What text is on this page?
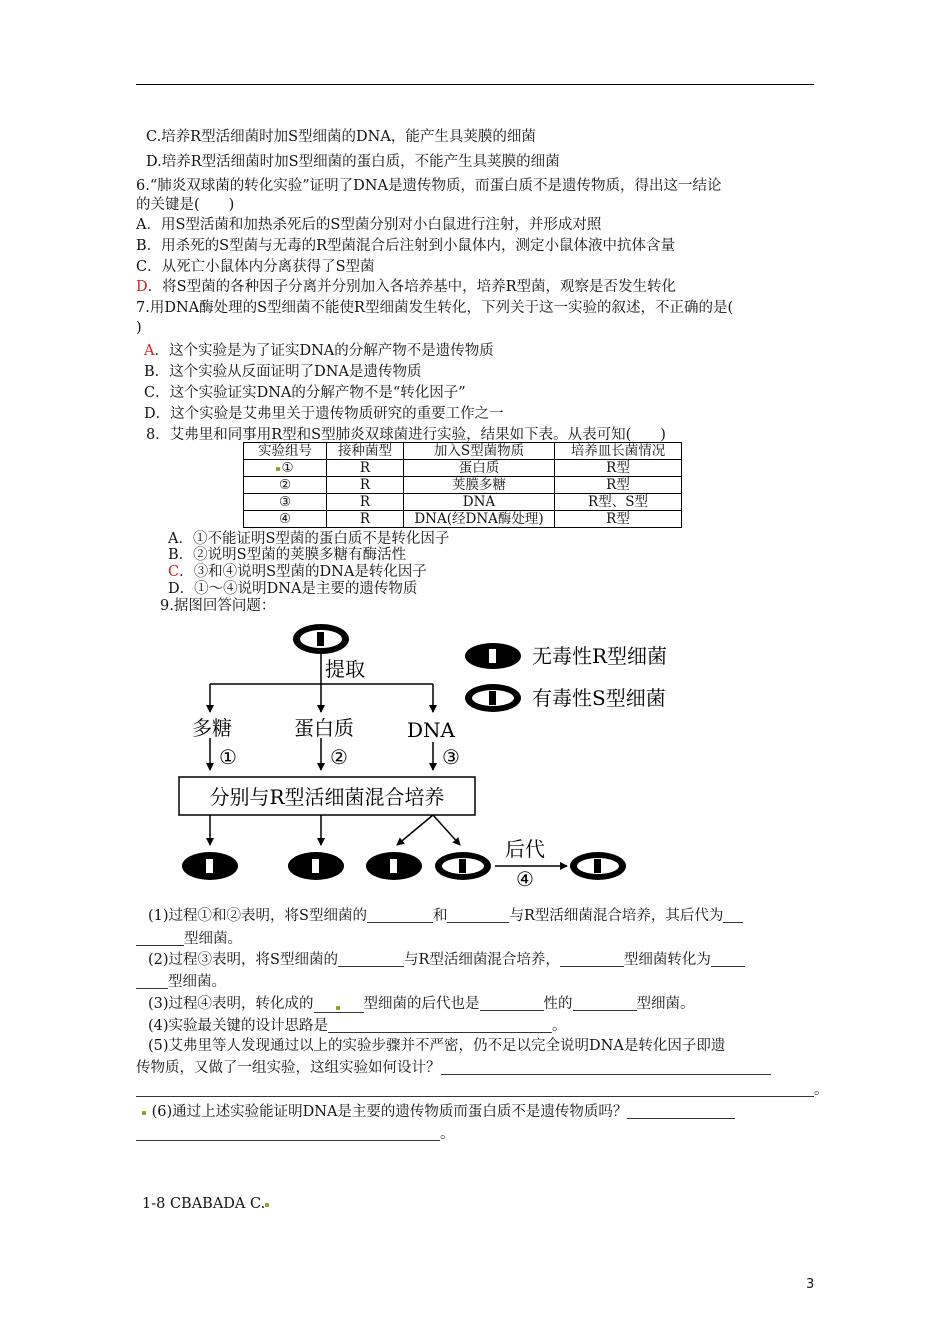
C.培养R型活细菌时加S型细菌的DNA，能产生具荚膜的细菌
D.培养R型活细菌时加S型细菌的蛋白质，不能产生具荚膜的细菌
6.“肺炎双球菌的转化实验”证明了DNA是遗传物质，而蛋白质不是遗传物质，得出这一结论
的关键是(　　)
A．用S型活菌和加热杀死后的S型菌分别对小白鼠进行注射，并形成对照
B．用杀死的S型菌与无毒的R型菌混合后注射到小鼠体内，测定小鼠体液中抗体含量
C．从死亡小鼠体内分离获得了S型菌
D．将S型菌的各种因子分离并分别加入各培养基中，培养R型菌，观察是否发生转化
7.用DNA酶处理的S型细菌不能使R型细菌发生转化，下列关于这一实验的叙述，不正确的是(
)
A．这个实验是为了证实DNA的分解产物不是遗传物质
B．这个实验从反面证明了DNA是遗传物质
C．这个实验证实DNA的分解产物不是“转化因子”
D．这个实验是艾弗里关于遗传物质研究的重要工作之一
8．艾弗里和同事用R型和S型肺炎双球菌进行实验，结果如下表。从表可知(　　)
实验组号	接种菌型	加入S型菌物质	培养皿长菌情况
①	R	蛋白质	R型
②	R	荚膜多糖	R型
③	R	DNA	R型、S型
④	R	DNA(经DNA酶处理)	R型
A．①不能证明S型菌的蛋白质不是转化因子
B．②说明S型菌的荚膜多糖有酶活性
C．③和④说明S型菌的DNA是转化因子
D．①～④说明DNA是主要的遗传物质
9.据图回答问题：
提取
无毒性R型细菌
有毒性S型细菌
多糖	蛋白质	DNA
①	②	③
分别与R型活细菌混合培养
后代
④
(1)过程①和②表明，将S型细菌的	和	与R型活细菌混合培养，其后代为
型细菌。
(2)过程③表明，将S型细菌的	与R型活细菌混合培养，	型细菌转化为
型细菌。
(3)过程④表明，转化成的	型细菌的后代也是	性的	型细菌。
(4)实验最关键的设计思路是	。
(5)艾弗里等人发现通过以上的实验步骤并不严密，仍不足以完全说明DNA是转化因子即遗
传物质，又做了一组实验，这组实验如何设计？
。
(6)通过上述实验能证明DNA是主要的遗传物质而蛋白质不是遗传物质吗？
。
1-8 CBABADA C.
3
